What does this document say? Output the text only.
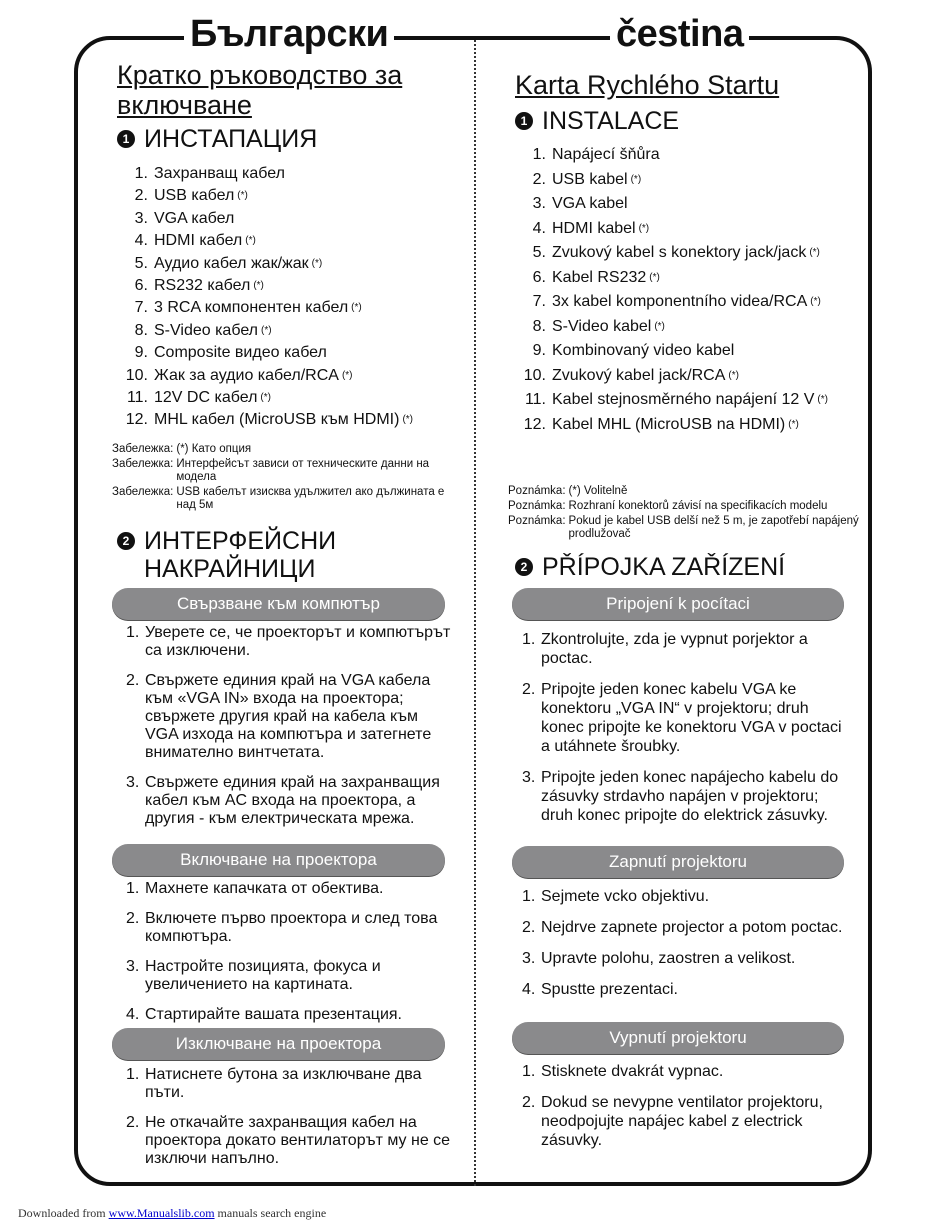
Български	čestina
Кратко ръководство за включване
1 ИНСТАПАЦИЯ
1. Захранващ кабел
2. USB кабел (*)
3. VGA кабел
4. HDMI кабел (*)
5. Аудио кабел жак/жак (*)
6. RS232 кабел (*)
7. 3 RCA компонентен кабел (*)
8. S-Video кабел (*)
9. Composite видео кабел
10. Жак за аудио кабел/RCA (*)
11. 12V DC кабел (*)
12. MHL кабел (MicroUSB към HDMI) (*)
Забележка: (*) Като опция
Забележка: Интерфейсът зависи от техническите данни на модела
Забележка: USB кабелът изисква удължител ако дължината е над 5м
2 ИНТЕРФЕЙСНИ НАКРАЙНИЦИ
Свързване към компютър
1. Уверете се, че проекторът и компютърът са изключени.
2. Свържете единия край на VGA кабела към «VGA IN» входа на проектора; свържете другия край на кабела към VGA изхода на компютъра и затегнете внимателно винтчетата.
3. Свържете единия край на захранващия кабел към AC входа на проектора, а другия - към електрическата мрежа.
Включване на проектора
1. Махнете капачката от обектива.
2. Включете първо проектора и след това компютъра.
3. Настройте позицията, фокуса и увеличението на картината.
4. Стартирайте вашата презентация.
Изключване на проектора
1. Натиснете бутона за изключване два пъти.
2. Не откачайте захранващия кабел на проектора докато вентилаторът му не се изключи напълно.
Karta Rychlého Startu
1 INSTALACE
1. Napájecí šňůra
2. USB kabel (*)
3. VGA kabel
4. HDMI kabel (*)
5. Zvukový kabel s konektory jack/jack (*)
6. Kabel RS232 (*)
7. 3x kabel komponentního videa/RCA (*)
8. S-Video kabel (*)
9. Kombinovaný video kabel
10. Zvukový kabel jack/RCA (*)
11. Kabel stejnosměrného napájení 12 V (*)
12. Kabel MHL (MicroUSB na HDMI) (*)
Poznámka: (*) Volitelně
Poznámka: Rozhraní konektorů závisí na specifikacích modelu
Poznámka: Pokud je kabel USB delší než 5 m, je zapotřebí napájený prodlužovač
2 PŘÍPOJKA ZAŘÍZENÍ
Pripojení k pocítaci
1. Zkontrolujte, zda je vypnut porjektor a poctac.
2. Pripojte jeden konec kabelu VGA ke konektoru „VGA IN“ v projektoru; druh konec pripojte ke konektoru VGA v poctaci a utáhnete šroubky.
3. Pripojte jeden konec napájecho kabelu do zásuvky strdavho napájen v projektoru; druh konec pripojte do elektrick zásuvky.
Zapnutí projektoru
1. Sejmete vcko objektivu.
2. Nejdrve zapnete projector a potom poctac.
3. Upravte polohu, zaostren a velikost.
4. Spustte prezentaci.
Vypnutí projektoru
1. Stisknete dvakrát vypnac.
2. Dokud se nevypne ventilator projektoru, neodpojujte napájec kabel z electrick zásuvky.
Downloaded from www.Manualslib.com manuals search engine
